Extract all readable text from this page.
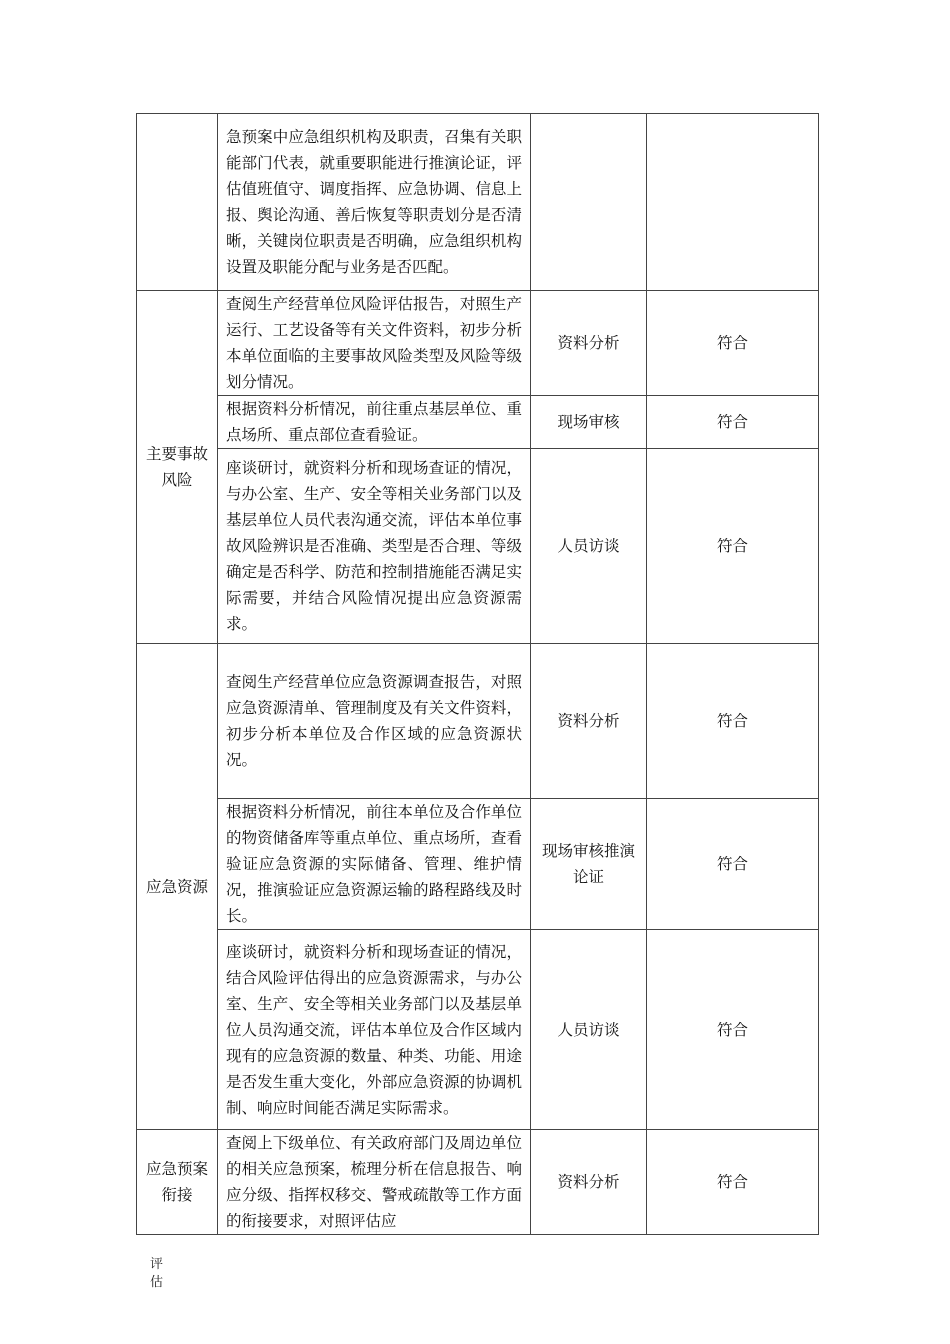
	急预案中应急组织机构及职责，召集有关职能部门代表，就重要职能进行推演论证，评估值班值守、调度指挥、应急协调、信息上报、舆论沟通、善后恢复等职责划分是否清晰，关键岗位职责是否明确，应急组织机构设置及职能分配与业务是否匹配。		
主要事故风险	查阅生产经营单位风险评估报告，对照生产运行、工艺设备等有关文件资料，初步分析本单位面临的主要事故风险类型及风险等级划分情况。	资料分析	符合
	根据资料分析情况，前往重点基层单位、重点场所、重点部位查看验证。	现场审核	符合
	座谈研讨，就资料分析和现场查证的情况，与办公室、生产、安全等相关业务部门以及基层单位人员代表沟通交流，评估本单位事故风险辨识是否准确、类型是否合理、等级确定是否科学、防范和控制措施能否满足实际需要，并结合风险情况提出应急资源需求。	人员访谈	符合
应急资源	查阅生产经营单位应急资源调查报告，对照应急资源清单、管理制度及有关文件资料，初步分析本单位及合作区域的应急资源状况。	资料分析	符合
	根据资料分析情况，前往本单位及合作单位的物资储备库等重点单位、重点场所，查看验证应急资源的实际储备、管理、维护情况，推演验证应急资源运输的路程路线及时长。	现场审核推演论证	符合
	座谈研讨，就资料分析和现场查证的情况，结合风险评估得出的应急资源需求，与办公室、生产、安全等相关业务部门以及基层单位人员沟通交流，评估本单位及合作区域内现有的应急资源的数量、种类、功能、用途是否发生重大变化，外部应急资源的协调机制、响应时间能否满足实际需求。	人员访谈	符合
应急预案衔接	查阅上下级单位、有关政府部门及周边单位的相关应急预案，梳理分析在信息报告、响应分级、指挥权移交、警戒疏散等工作方面的衔接要求，对照评估应	资料分析	符合
评估
